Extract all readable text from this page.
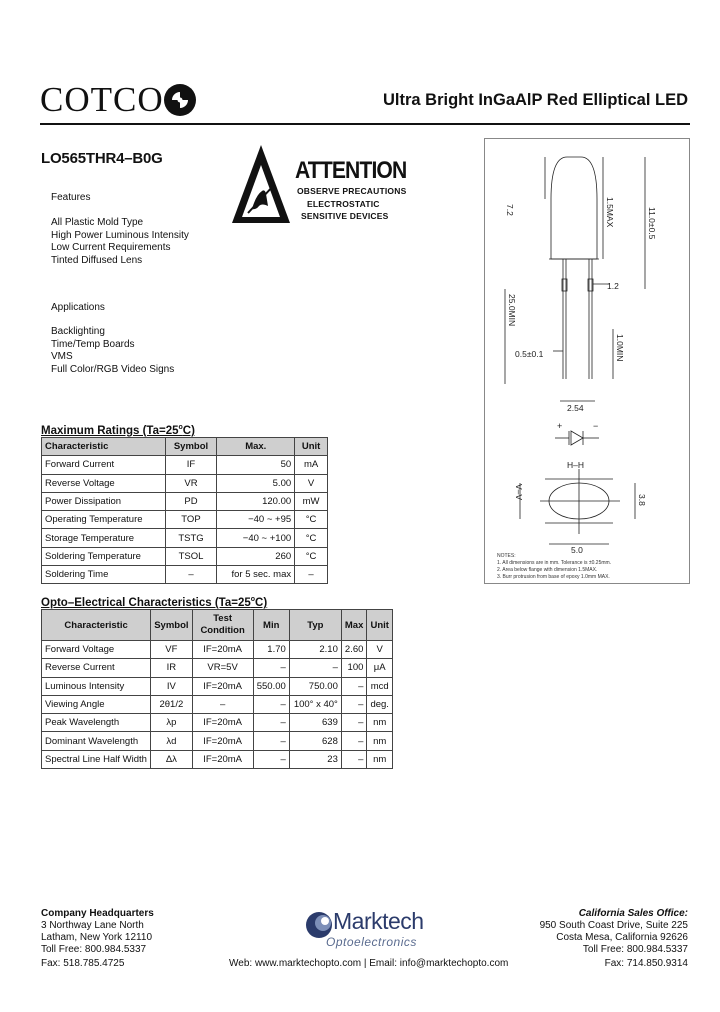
COTCO	Ultra Bright InGaAlP Red Elliptical LED
LO565THR4–B0G	ATTENTION
OBSERVE PRECAUTIONS
ELECTROSTATIC
SENSITIVE DEVICES
Features
All Plastic Mold Type
High Power Luminous Intensity
Low Current Requirements
Tinted Diffused Lens
Applications
Backlighting
Time/Temp Boards
VMS
Full Color/RGB Video Signs
Maximum Ratings $(Ta=25^oC)$
Characteristic	Symbol	Max.	Unit
Forward Current	IF	50	mA
Reverse Voltage	VR	5.00	V
Power Dissipation	PD	120.00	mW
Operating Temperature	TOP	−40 ~ +95	°C
Storage Temperature	TSTG	−40 ~ +100	°C
Soldering Temperature	TSOL	260	°C
Soldering Time	–	for 5 sec. max	–
Opto–Electrical Characteristics $(Ta=25^oC)$
Characteristic	Symbol	Test Condition	Min	Typ	Max	Unit
Forward Voltage	VF	IF=20mA	1.70	2.10	2.60	V
Reverse Current	IR	VR=5V	–	–	100	μA
Luminous Intensity	IV	IF=20mA	550.00	750.00	–	mcd
Viewing Angle	2θ1/2	–	–	100° x 40°	–	deg.
Peak Wavelength	λp	IF=20mA	–	639	–	nm
Dominant Wavelength	λd	IF=20mA	–	628	–	nm
Spectral Line Half Width	Δλ	IF=20mA	–	23	–	nm
7.2	1.5MAX	11.0±0.5
1.2
25.0MIN
0.5±0.1	1.0MIN
2.54
H–H
V–V
5.0
3.8
+	−
NOTES:
1. All dimensions are in mm. Tolerance is ±0.25mm.
2. Area below flange with dimension 1.5MAX.
3. Burr protrusion from base of epoxy 1.0mm MAX.
Company Headquarters
3 Northway Lane North
Latham, New York 12110
Toll Free: 800.984.5337
Fax: 518.785.4725
Marktech
Optoelectronics
California Sales Office:
950 South Coast Drive, Suite 225
Costa Mesa, California 92626
Toll Free: 800.984.5337
Fax: 714.850.9314
Web: www.marktechopto.com | Email: info@marktechopto.com
